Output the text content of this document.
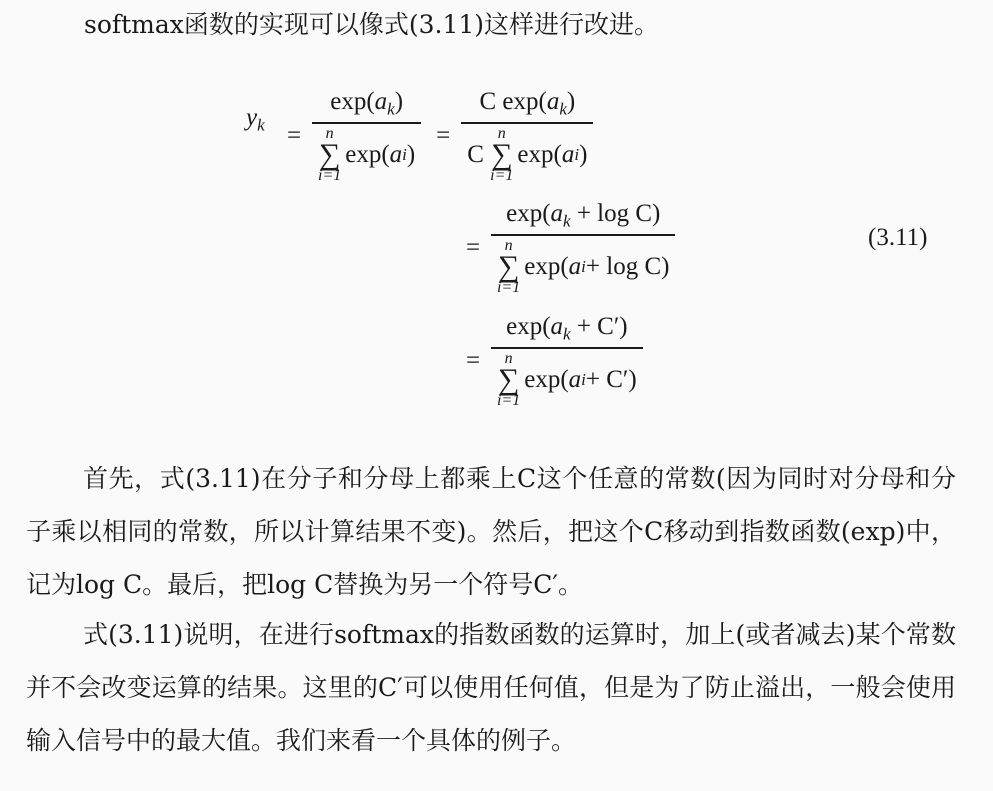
softmax函数的实现可以像式(3.11)这样进行改进。

$y_k = \exp(a_k)$
n
∑
i=1
exp( a i ) = C $\exp(a_k)$
C
n
∑
i=1
exp( a i )
= $\exp(a_k + \log C)$
n
∑
i=1
exp( a i + log C)
= $\exp(a_k + C')$
n
∑
i=1
exp( a i + C′)
(3.11)

首先，式(3.11)在分子和分母上都乘上C这个任意的常数(因为同时对分母和分子乘以相同的常数，所以计算结果不变)。然后，把这个C移动到指数函数(exp)中，记为log C。最后，把log C替换为另一个符号C′。

式(3.11)说明，在进行softmax的指数函数的运算时，加上(或者减去)某个常数并不会改变运算的结果。这里的C′可以使用任何值，但是为了防止溢出，一般会使用输入信号中的最大值。我们来看一个具体的例子。
